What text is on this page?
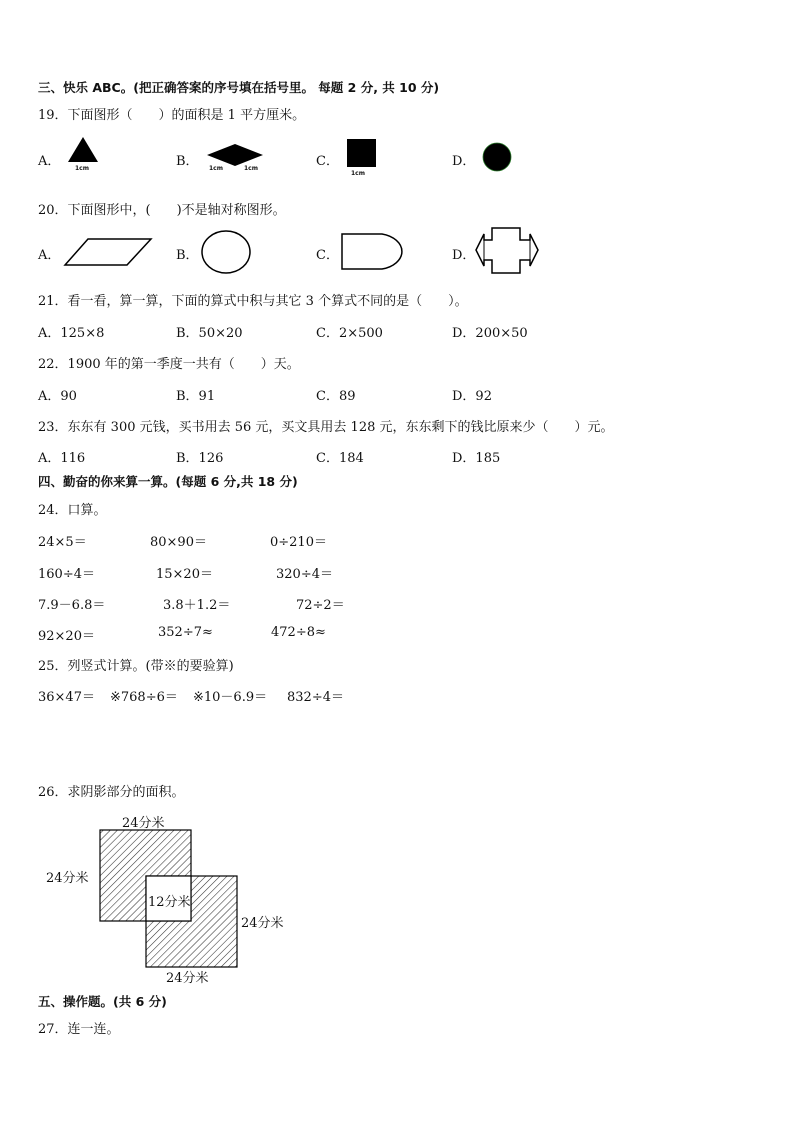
三、快乐 ABC。(把正确答案的序号填在括号里。 每题 2 分, 共 10 分)
19．下面图形（　　）的面积是 1 平方厘米。
A．	B．	C．	D．
1cm	1cm	1cm
1cm
20．下面图形中，(　　)不是轴对称图形。
A．	B．	C．	D．
21．看一看，算一算，下面的算式中积与其它 3 个算式不同的是（　　）。
A．125×8	B．50×20	C．2×500	D．200×50
22．1900 年的第一季度一共有（　　）天。
A．90	B．91	C．89	D．92
23．东东有 300 元钱，买书用去 56 元，买文具用去 128 元，东东剩下的钱比原来少（　　）元。
A．116	B．126	C．184	D．185
四、勤奋的你来算一算。(每题 6 分,共 18 分)
24．口算。
24×5＝	80×90＝	0÷210＝
160÷4＝	15×20＝	320÷4＝
7.9－6.8＝	3.8＋1.2＝	72÷2＝
92×20＝	352÷7≈	472÷8≈
25．列竖式计算。(带※的要验算)
36×47＝ ※768÷6＝ ※10－6.9＝ 832÷4＝
26．求阴影部分的面积。
24分米
24分米
12分米
24分米
24分米
五、操作题。(共 6 分)
27．连一连。
